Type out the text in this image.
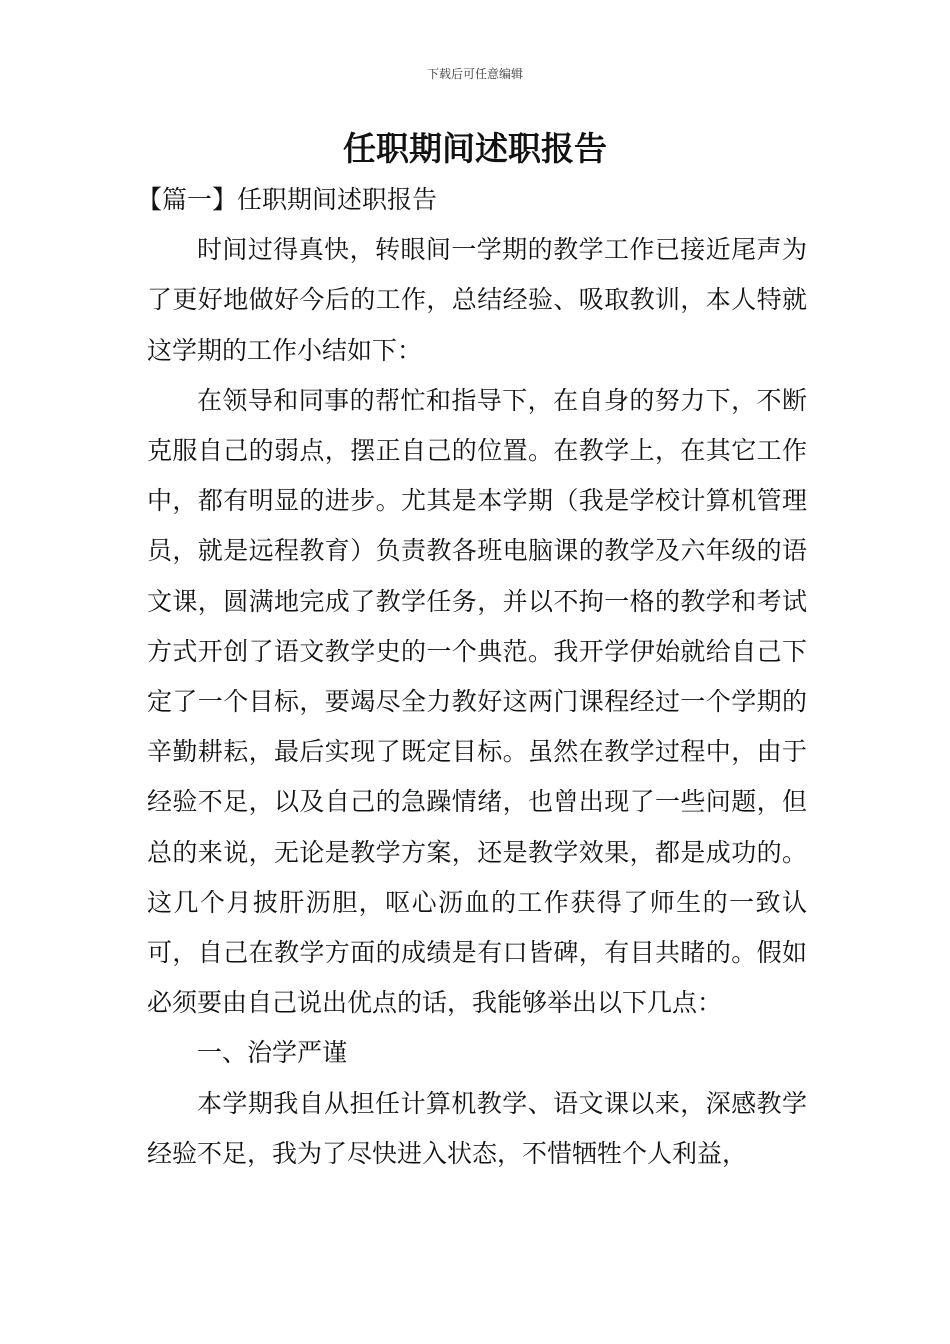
下载后可任意编辑
任职期间述职报告

【篇一】任职期间述职报告

时间过得真快，转眼间一学期的教学工作已接近尾声为了更好地做好今后的工作，总结经验、吸取教训，本人特就这学期的工作小结如下：

在领导和同事的帮忙和指导下，在自身的努力下，不断克服自己的弱点，摆正自己的位置。在教学上，在其它工作中，都有明显的进步。尤其是本学期（我是学校计算机管理员，就是远程教育）负责教各班电脑课的教学及六年级的语文课，圆满地完成了教学任务，并以不拘一格的教学和考试方式开创了语文教学史的一个典范。我开学伊始就给自己下定了一个目标，要竭尽全力教好这两门课程经过一个学期的辛勤耕耘，最后实现了既定目标。虽然在教学过程中，由于经验不足，以及自己的急躁情绪，也曾出现了一些问题，但总的来说，无论是教学方案，还是教学效果，都是成功的。这几个月披肝沥胆，呕心沥血的工作获得了师生的一致认可，自己在教学方面的成绩是有口皆碑，有目共睹的。假如必须要由自己说出优点的话，我能够举出以下几点：

一、治学严谨

本学期我自从担任计算机教学、语文课以来，深感教学经验不足，我为了尽快进入状态，不惜牺牲个人利益，
